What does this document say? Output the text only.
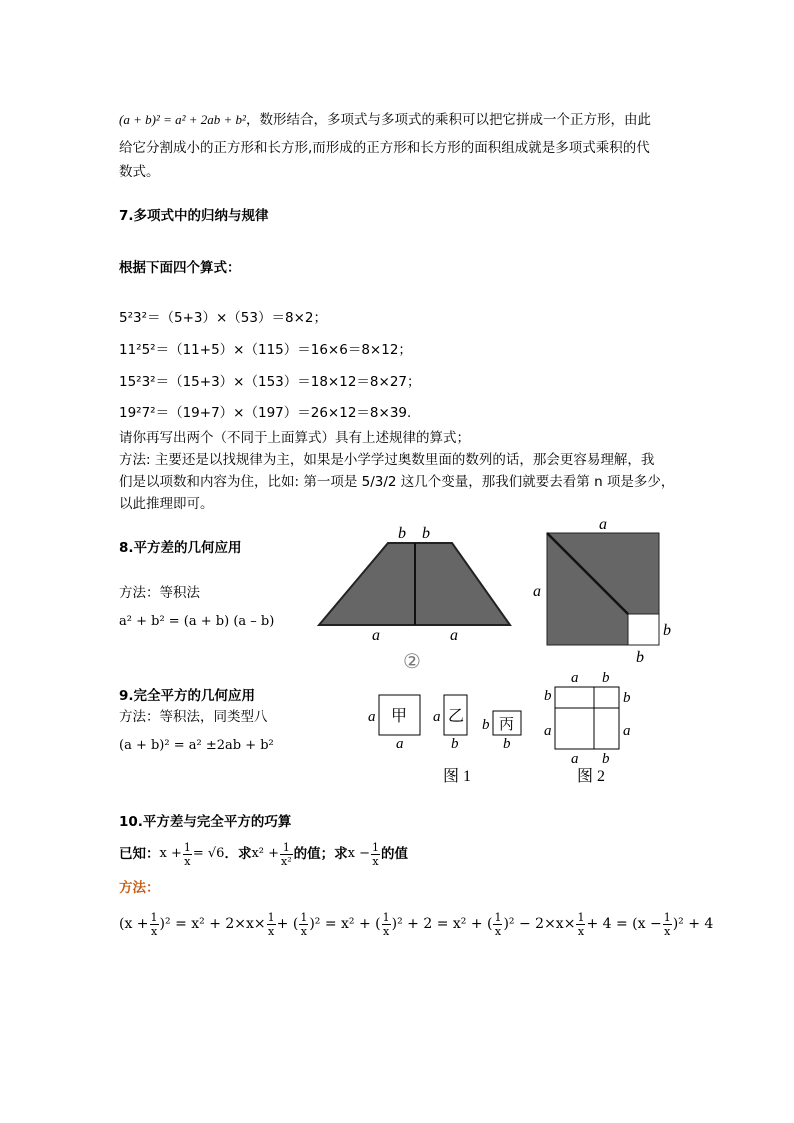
(a + b)² = a² + 2ab + b²，数形结合，多项式与多项式的乘积可以把它拼成一个正方形，由此
给它分割成小的正方形和长方形,而形成的正方形和长方形的面积组成就是多项式乘积的代
数式。
7.多项式中的归纳与规律
根据下面四个算式：
5²3²＝（5+3）×（53）＝8×2；
11²5²＝（11+5）×（115）＝16×6＝8×12；
15²3²＝（15+3）×（153）＝18×12＝8×27；
19²7²＝（19+7）×（197）＝26×12＝8×39．
请你再写出两个（不同于上面算式）具有上述规律的算式；
方法: 主要还是以找规律为主，如果是小学学过奥数里面的数列的话，那会更容易理解，我
们是以项数和内容为住，比如: 第一项是 5/3/2 这几个变量，那我们就要去看第 n 项是多少，
以此推理即可。
8.平方差的几何应用
方法：等积法
a² + b² = (a + b) (a – b)
b b
a	a
②
a
a
b
b
9.完全平方的几何应用
方法：等积法，同类型八
(a + b)² = a² ±2ab + b²
甲
a
a
乙
a
b
丙
b
b
图 1
a b
b
a
b
a
a b
图 2
10.平方差与完全平方的巧算
已知： $x + \frac{1}{x} = √6$ ．求 $x^2 + \frac{1}{\text{x²}}$ 的值；求 $x - \frac{1}{x}$ 的值
方法：
$(x + \frac{1}{x} )^2 = x^2 + 2\times x\times \frac{1}{x}$ + ( $\frac{1}{x} )^2 = x^2$ + ( $\frac{1}{x} )^2 + 2 = x^2$ + ( $\frac{1}{x} )^2 - 2\times x\times \frac{1}{x} + 4 = (x - \frac{1}{x} )^2 + 4$
